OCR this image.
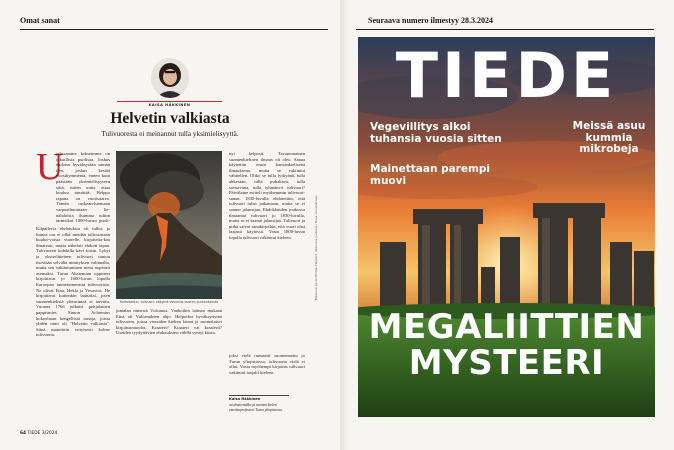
Omat sanat
KAISA HÄKKINEN
Helvetin valkiasta
Tulivuoresta ei meinannut tulla yksimielisyyttä.
U
udissamme kekseimme on oikuillista puolisaa. Joskus ehdotus hyväksytään saman tien, joskus kestää vuosikymmeniä, ennen kuin päästään yksimielisyyteen siitä, miten uutta asiaa kuuluu nimittää. Helppo rapana on vuorisaarea. Tämän ruskean-harmaan varpusilmoinaan lie-nähdolsta ilsamma tulitin tarnisikai 1800-luvun puoli-
Kilpailevia ehdotuksia oli tullut, ja linnoa osa ei ollut meidän tulivuortaan kuulut-voista vuorelle, kirjoitetta-kaa ilmaissut, mutta sitkeästi ehdotti tapaa. Tulivuoren kohdalla kävi toisin. Lyhyt ja yksiselitteinen tulivuori tuntuu itsestään selvältä nimityksen valinnalta, mutta sen vakiintuminen meni nopeasti asemaksi. Turun Akatemian oppineet kirjoittivat jo 1600-luvun lopulla Euroopan tunnetuimmista tulivuorista. Ne olivat Etna, Hekla ja Vesuvius. He kirjoittivat kuitenkin latinaksi, joten suomenkielistä yleisnimeä ei tarvittu. Vuonna 1766 julkaisi pohjalainen pappismies Simon Achrenius kokoelman hengellisiä runoja, joista yhden nimi oli "Helvetin valkiasta". Siinä mainittiin erityisesti kolme tulivuorta.
Kaltaisadun, tulivuori: näkymä Vesuvius-vuoren purkauksesta
jumalan nimestä Vulcanus. Vanhoihin latinan mukaan Etna oli Vulcanuksen ahjo. Helpoiksi hyväksyttyinä tulivuorta, joissa vieraiden kielten lainat ja suomalaiset kirjoitusmuodot. Kraateri? Kraateri vai kraaterit? Useiden tyydyttävien ehdotuksien välillä syntyi kiista.
nyt helposti. Tavanomainen suomenkielinen ilmaus oli oleo. Sanaa käytettiin ensin kansankielisenä ilmauksena, mutta se vakiintui vähitellen. Oliko se tulla fyrkyänä, tulla ahkeraan, tulla puhaltava, tulla savuavana, tulla tyhmäm-ä tulivuori? Päivälaine esitteli myöhemmin tulivuori-sanan. 1830-luvulla ehdotettiin, että tulivuori tulisi jatkamaan, mutta se ei saanut jalansijaa. Ehdokkaiden joukossa ilmaantui tulivuori jo 1830-luvulla, mutta se ei saanut jalansijaa. Tulivuori ja pitkä saivat sanakirjoihin, että vuori olisi laajasti käytössä. Vasta 1800-luvun lopulla tulivuori vakiintui kieleen.
joksi vielä runsaasti suomennettu jo Turun yliopistossa, tulivuorta vielä ei ollut. Vasta myöhempi kirjoitus tulivuori vakiintui laajalti kieleen.
Kaisa Häkkinen
on akateemikko ja suomen kielen emeritaprofessori Turun yliopistossa.
64 TIEDE 3/2024
Maalaus: Jacob Philipp Hackert, Vesuvius-purkaus / Kuva: kuvapalvelu
Seuraava numero ilmestyy 28.3.2024
TIEDE
Vegevillitys alkoi tuhansia vuosia sitten
Mainettaan parempi muovi
Meissä asuu kummia mikrobeja
MEGALIITTIEN MYSTEERI
